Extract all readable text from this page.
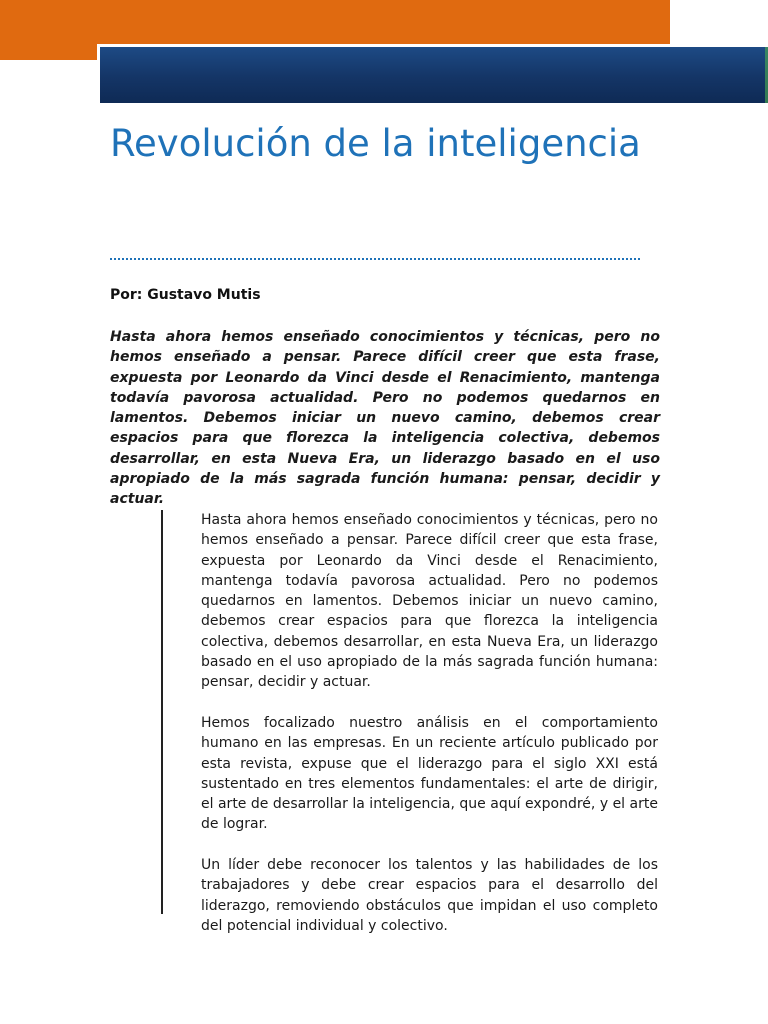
Revolución de la inteligencia

Por: Gustavo Mutis

Hasta ahora hemos enseñado conocimientos y técnicas, pero no hemos enseñado a pensar. Parece difícil creer que esta frase, expuesta por Leonardo da Vinci desde el Renacimiento, mantenga todavía pavorosa actualidad. Pero no podemos quedarnos en lamentos. Debemos iniciar un nuevo camino, debemos crear espacios para que florezca la inteligencia colectiva, debemos desarrollar, en esta Nueva Era, un liderazgo basado en el uso apropiado de la más sagrada función humana: pensar, decidir y actuar.

Hasta ahora hemos enseñado conocimientos y técnicas, pero no hemos enseñado a pensar. Parece difícil creer que esta frase, expuesta por Leonardo da Vinci desde el Renacimiento, mantenga todavía pavorosa actualidad. Pero no podemos quedarnos en lamentos. Debemos iniciar un nuevo camino, debemos crear espacios para que florezca la inteligencia colectiva, debemos desarrollar, en esta Nueva Era, un liderazgo basado en el uso apropiado de la más sagrada función humana: pensar, decidir y actuar.

Hemos focalizado nuestro análisis en el comportamiento humano en las empresas. En un reciente artículo publicado por esta revista, expuse que el liderazgo para el siglo XXI está sustentado en tres elementos fundamentales: el arte de dirigir, el arte de desarrollar la inteligencia, que aquí expondré, y el arte de lograr.

Un líder debe reconocer los talentos y las habilidades de los trabajadores y debe crear espacios para el desarrollo del liderazgo, removiendo obstáculos que impidan el uso completo del potencial individual y colectivo.
